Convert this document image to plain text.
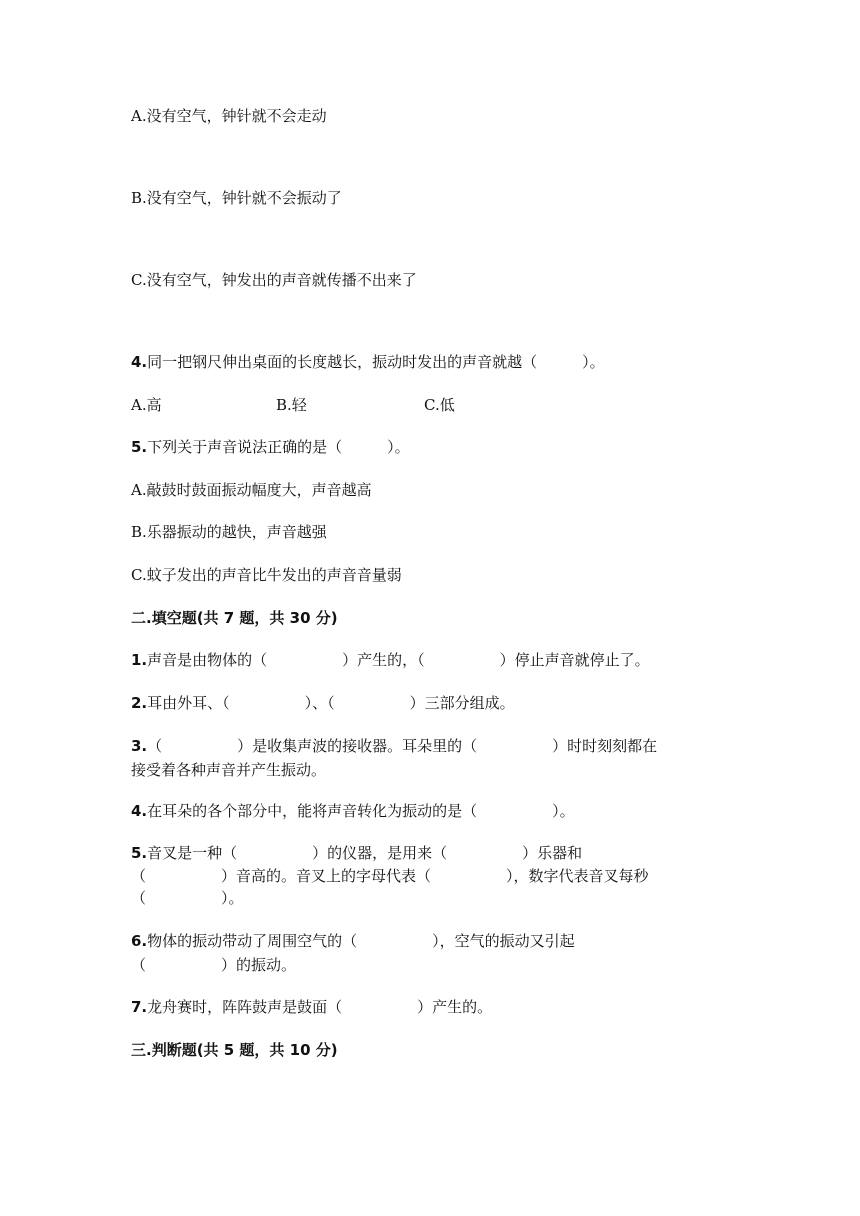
A.没有空气，钟针就不会走动
B.没有空气，钟针就不会振动了
C.没有空气，钟发出的声音就传播不出来了
4.同一把钢尺伸出桌面的长度越长，振动时发出的声音就越（　　　）。
A.高	B.轻	C.低
5.下列关于声音说法正确的是（　　　）。
A.敲鼓时鼓面振动幅度大，声音越高
B.乐器振动的越快，声音越强
C.蚊子发出的声音比牛发出的声音音量弱
二.填空题(共 7 题，共 30 分)
1.声音是由物体的（　　　　　）产生的，（　　　　　）停止声音就停止了。
2.耳由外耳、（　　　　　）、（　　　　　）三部分组成。
3.（　　　　　）是收集声波的接收器。耳朵里的（　　　　　）时时刻刻都在
接受着各种声音并产生振动。
4.在耳朵的各个部分中，能将声音转化为振动的是（　　　　　）。
5.音叉是一种（　　　　　）的仪器，是用来（　　　　　）乐器和
（　　　　　）音高的。音叉上的字母代表（　　　　　），数字代表音叉每秒
（　　　　　）。
6.物体的振动带动了周围空气的（　　　　　），空气的振动又引起
（　　　　　）的振动。
7.龙舟赛时，阵阵鼓声是鼓面（　　　　　）产生的。
三.判断题(共 5 题，共 10 分)
